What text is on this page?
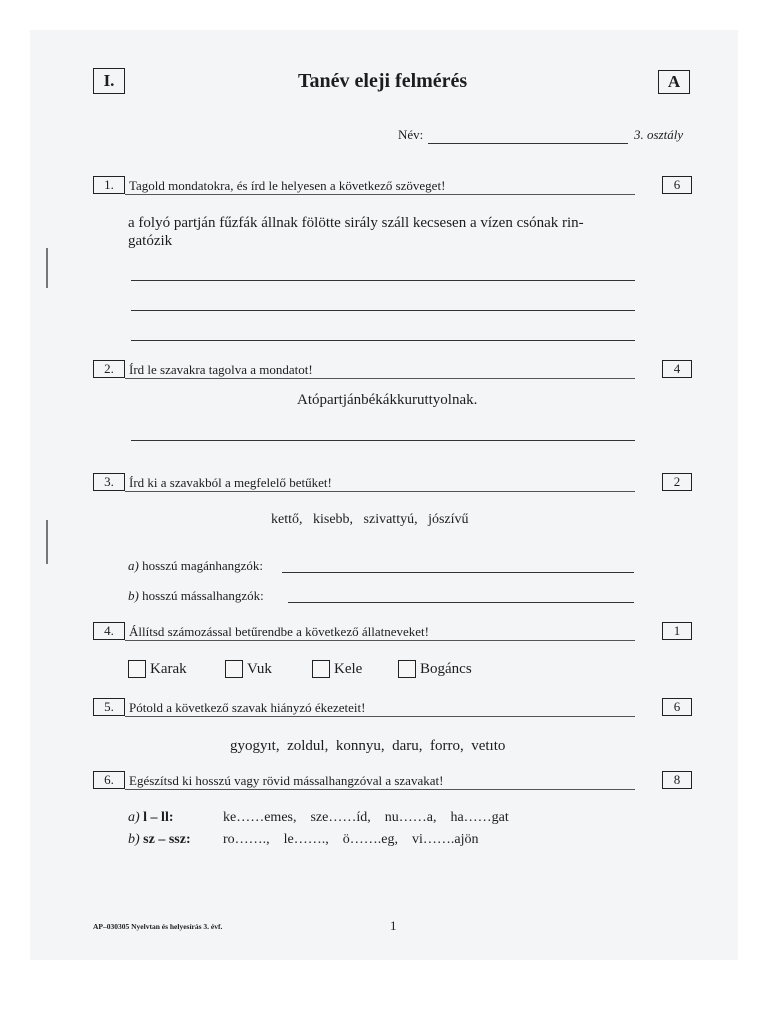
I.	Tanév eleji felmérés	A
Név:	3. osztály
1.	Tagold mondatokra, és írd le helyesen a következő szöveget!	6
a folyó partján fűzfák állnak fölötte sirály száll kecsesen a vízen csónak rin-
gatózik
2.	Írd le szavakra tagolva a mondatot!	4
Atópartjánbékákkuruttyolnak.
3.	Írd ki a szavakból a megfelelő betűket!	2
kettő,   kisebb,   szivattyú,   jószívű
a) hosszú magánhangzók:
b) hosszú mássalhangzók:
4.	Állítsd számozással betűrendbe a következő állatneveket!	1
Karak	Vuk	Kele	Bogáncs
5.	Pótold a következő szavak hiányzó ékezeteit!	6
gyogyıt,  zoldul,  konnyu,  daru,  forro,  vetıto
6.	Egészítsd ki hosszú vagy rövid mássalhangzóval a szavakat!	8
a) l – ll:	ke……emes,    sze……íd,    nu……a,    ha……gat
b) sz – ssz: ro…….,    le…….,    ö…….eg,    vi…….ajön
AP–030305 Nyelvtan és helyesírás 3. évf.	1
